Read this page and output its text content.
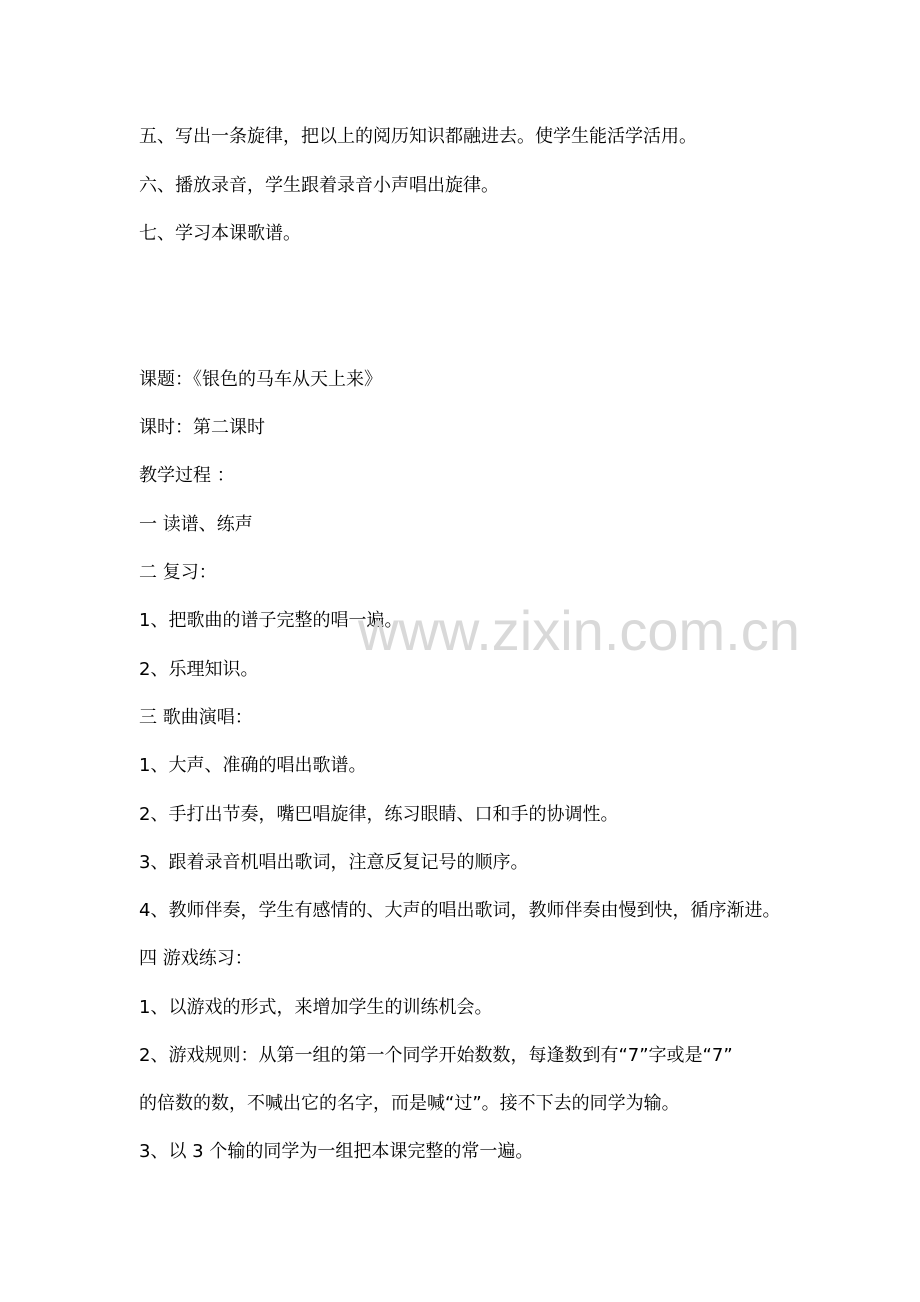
五、写出一条旋律，把以上的阅历知识都融进去。使学生能活学活用。
六、播放录音，学生跟着录音小声唱出旋律。
七、学习本课歌谱。
课题：《银色的马车从天上来》
课时：第二课时
教学过程 ：
一 读谱、练声
二 复习：
1、把歌曲的谱子完整的唱一遍。
2、乐理知识。
三 歌曲演唱：
1、大声、准确的唱出歌谱。
2、手打出节奏，嘴巴唱旋律，练习眼睛、口和手的协调性。
3、跟着录音机唱出歌词，注意反复记号的顺序。
4、教师伴奏，学生有感情的、大声的唱出歌词，教师伴奏由慢到快，循序渐进。
四 游戏练习：
1、以游戏的形式，来增加学生的训练机会。
2、游戏规则：从第一组的第一个同学开始数数，每逢数到有“7”字或是“7”
的倍数的数，不喊出它的名字，而是喊“过”。接不下去的同学为输。
3、以 3 个输的同学为一组把本课完整的常一遍。
www.zixin.com.cn
